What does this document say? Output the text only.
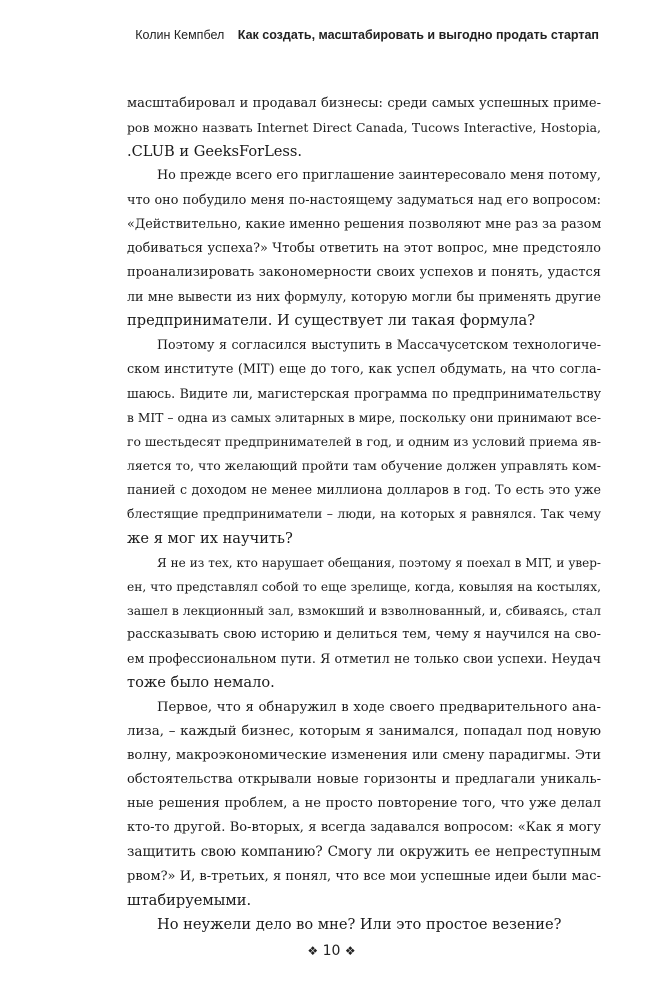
Колин Кемпбел Как создать, масштабировать и выгодно продать стартап
масштабировал и продавал бизнесы: среди самых успешных приме-
ров можно назвать Internet Direct Canada, Tucows Interactive, Hostopia,
.CLUB и GeeksForLess.
Но прежде всего его приглашение заинтересовало меня потому,
что оно побудило меня по-настоящему задуматься над его вопросом:
«Действительно, какие именно решения позволяют мне раз за разом
добиваться успеха?» Чтобы ответить на этот вопрос, мне предстояло
проанализировать закономерности своих успехов и понять, удастся
ли мне вывести из них формулу, которую могли бы применять другие
предприниматели. И существует ли такая формула?
Поэтому я согласился выступить в Массачусетском технологиче-
ском институте (MIT) еще до того, как успел обдумать, на что согла-
шаюсь. Видите ли, магистерская программа по предпринимательству
в MIT – одна из самых элитарных в мире, поскольку они принимают все-
го шестьдесят предпринимателей в год, и одним из условий приема яв-
ляется то, что желающий пройти там обучение должен управлять ком-
панией с доходом не менее миллиона долларов в год. То есть это уже
блестящие предприниматели – люди, на которых я равнялся. Так чему
же я мог их научить?
Я не из тех, кто нарушает обещания, поэтому я поехал в MIT, и увер-
ен, что представлял собой то еще зрелище, когда, ковыляя на костылях,
зашел в лекционный зал, взмокший и взволнованный, и, сбиваясь, стал
рассказывать свою историю и делиться тем, чему я научился на сво-
ем профессиональном пути. Я отметил не только свои успехи. Неудач
тоже было немало.
Первое, что я обнаружил в ходе своего предварительного ана-
лиза, – каждый бизнес, которым я занимался, попадал под новую
волну, макроэкономические изменения или смену парадигмы. Эти
обстоятельства открывали новые горизонты и предлагали уникаль-
ные решения проблем, а не просто повторение того, что уже делал
кто-то другой. Во-вторых, я всегда задавался вопросом: «Как я могу
защитить свою компанию? Смогу ли окружить ее непреступным
рвом?» И, в-третьих, я понял, что все мои успешные идеи были мас-
штабируемыми.
Но неужели дело во мне? Или это простое везение?
❖ 10 ❖
